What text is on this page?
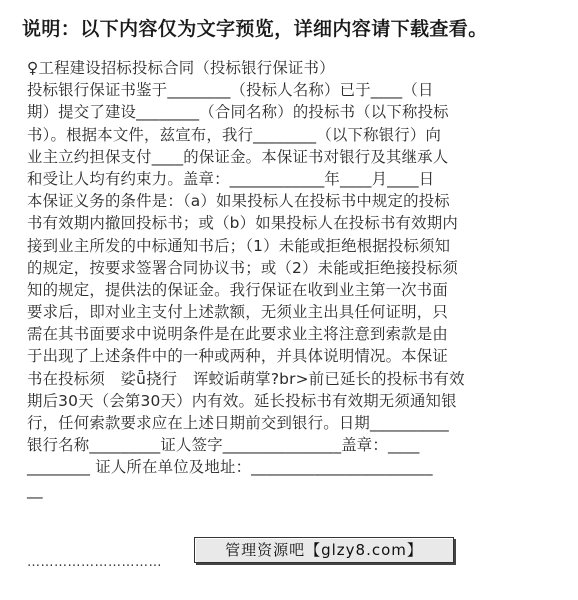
说明：以下内容仅为文字预览，详细内容请下载查看。
♀工程建设招标投标合同（投标银行保证书）
投标银行保证书鉴于________（投标人名称）已于____（日
期）提交了建设________（合同名称）的投标书（以下称投标
书）。根据本文件，兹宣布，我行________（以下称银行）向
业主立约担保支付____的保证金。本保证书对银行及其继承人
和受让人均有约束力。盖章：____________年____月____日
本保证义务的条件是：（a）如果投标人在投标书中规定的投标
书有效期内撤回投标书；或（b）如果投标人在投标书有效期内
接到业主所发的中标通知书后；（1）未能或拒绝根据投标须知
的规定，按要求签署合同协议书；或（2）未能或拒绝接投标须
知的规定，提供法的保证金。我行保证在收到业主第一次书面
要求后，即对业主支付上述款额，无须业主出具任何证明，只
需在其书面要求中说明条件是在此要求业主将注意到索款是由
于出现了上述条件中的一种或两种，并具体说明情况。本保证
书在投标须　娑ǖ挠行　诨蛟诟萌掌?br>前已延长的投标书有效
期后30天（会第30天）内有效。延长投标书有效期无须通知银
行，任何索款要求应在上述日期前交到银行。日期__________
银行名称_________证人签字_______________盖章：____
________ 证人所在单位及地址：_______________________
__
管理资源吧【glzy8.com】
…………………………
